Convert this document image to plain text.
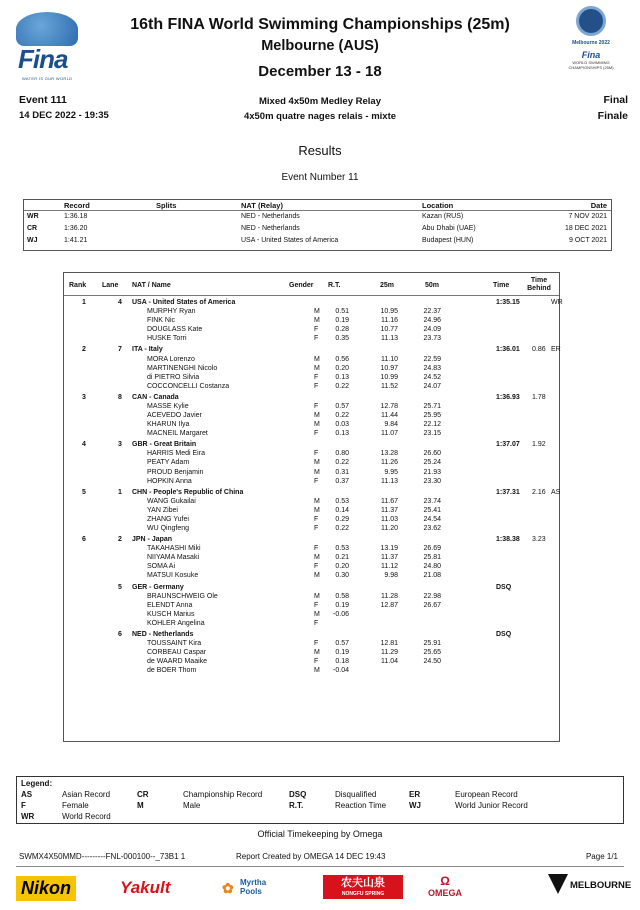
Fina
WATER IS OUR WORLD
Melbourne 2022
Fina
WORLD SWIMMING CHAMPIONSHIPS (25M)
16th FINA World Swimming Championships (25m)
Melbourne (AUS)
December 13 - 18
Event 111
14 DEC 2022 - 19:35
Mixed 4x50m Medley Relay
4x50m quatre nages relais - mixte
Final
Finale
Results
Event Number 11
Record	Splits	NAT (Relay)	Location	Date
WR	1:36.18	NED - Netherlands	Kazan (RUS)	7 NOV 2021
CR	1:36.20	NED - Netherlands	Abu Dhabi (UAE)	18 DEC 2021
WJ	1:41.21	USA - United States of America	Budapest (HUN)	9 OCT 2021
Rank Lane NAT / Name	Gender R.T.	25m	50m	Time
Time Behind
1	4 USA - United States of America	1:35.15	WR
MURPHY Ryan	M 0.51	10.95	22.37
FINK Nic	M 0.19	11.16	24.96
DOUGLASS Kate	F 0.28	10.77	24.09
HUSKE Torri	F 0.35	11.13	23.73
2	7 ITA - Italy	1:36.01 0.86 ER
MORA Lorenzo	M 0.56	11.10	22.59
MARTINENGHI Nicolo	M 0.20	10.97	24.83
di PIETRO Silvia	F 0.13	10.99	24.52
COCCONCELLI Costanza	F 0.22	11.52	24.07
3	8 CAN - Canada	1:36.93 1.78
MASSE Kylie	F 0.57	12.78	25.71
ACEVEDO Javier	M 0.22	11.44	25.95
KHARUN Ilya	M 0.03	9.84	22.12
MACNEIL Margaret	F 0.13	11.07	23.15
4	3 GBR - Great Britain	1:37.07 1.92
HARRIS Medi Eira	F 0.80	13.28	26.60
PEATY Adam	M 0.22	11.26	25.24
PROUD Benjamin	M 0.31	9.95	21.93
HOPKIN Anna	F 0.37	11.13	23.30
5	1 CHN - People's Republic of China	1:37.31 2.16 AS
WANG Gukailai	M 0.53	11.67	23.74
YAN Zibei	M 0.14	11.37	25.41
ZHANG Yufei	F 0.29	11.03	24.54
WU Qingfeng	F 0.22	11.20	23.62
6	2 JPN - Japan	1:38.38 3.23
TAKAHASHI Miki	F 0.53	13.19	26.69
NIIYAMA Masaki	M 0.21	11.37	25.81
SOMA Ai	F 0.20	11.12	24.80
MATSUI Kosuke	M 0.30	9.98	21.08
5 GER - Germany	DSQ
BRAUNSCHWEIG Ole	M 0.58	11.28	22.98
ELENDT Anna	F 0.19	12.87	26.67
KUSCH Marius	M -0.06
KOHLER Angelina	F
6 NED - Netherlands	DSQ
TOUSSAINT Kira	F 0.57	12.81	25.91
CORBEAU Caspar	M 0.19	11.29	25.65
de WAARD Maaike	F 0.18	11.04	24.50
de BOER Thom	M -0.04
Legend:
AS	Asian Record	CR	Championship Record	DSQ	Disqualified	ER	European Record
F	Female	M	Male	R.T.	Reaction Time	WJ	World Junior Record
WR	World Record
Official Timekeeping by Omega
SWMX4X50MMD---------FNL-000100--_73B1 1	Report Created by OMEGA 14 DEC 19:43	Page 1/1
Nikon	Yakult	✿ Myrtha Pools
农夫山泉
NONGFU SPRING
Ω
OMEGA
MELBOURNE
